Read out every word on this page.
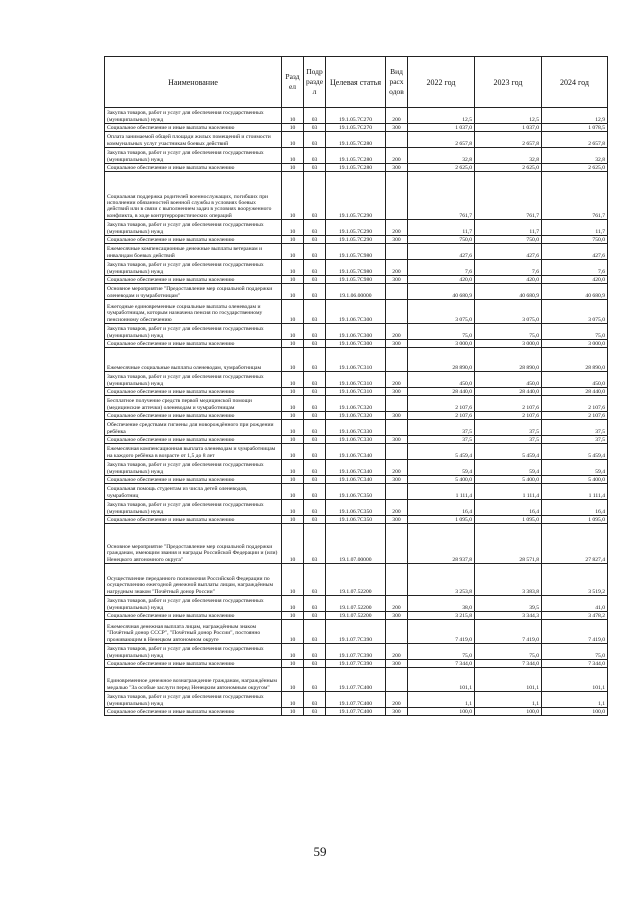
Наименование	Разд ел	Подр разде л	Целевая статья	Вид расх одов	2022 год	2023 год	2024 год
Закупка товаров, работ и услуг для обеспечения государственных (муниципальных) нужд	10	03	19.1.05.7С270	200	12,5	12,5	12,9
Социальное обеспечение и иные выплаты населению	10	03	19.1.05.7С270	300	1 037,0	1 037,0	1 078,5
Оплата занимаемой общей площади жилых помещений и стоимости коммунальных услуг участникам боевых действий	10	03	19.1.05.7С280		2 657,8	2 657,8	2 657,8
Закупка товаров, работ и услуг для обеспечения государственных (муниципальных) нужд	10	03	19.1.05.7С280	200	32,8	32,8	32,8
Социальное обеспечение и иные выплаты населению	10	03	19.1.05.7С280	300	2 625,0	2 625,0	2 625,0
Социальная поддержка родителей военнослужащих, погибших при исполнении обязанностей военной службы в условиях боевых действий или в связи с выполнением задач в условиях вооруженного конфликта, в ходе контртеррористических операций	10	03	19.1.05.7С290		761,7	761,7	761,7
Закупка товаров, работ и услуг для обеспечения государственных (муниципальных) нужд	10	03	19.1.05.7С290	200	11,7	11,7	11,7
Социальное обеспечение и иные выплаты населению	10	03	19.1.05.7С290	300	750,0	750,0	750,0
Ежемесячные компенсационные денежные выплаты ветеранам и инвалидам боевых действий	10	03	19.1.05.7С980		427,6	427,6	427,6
Закупка товаров, работ и услуг для обеспечения государственных (муниципальных) нужд	10	03	19.1.05.7С980	200	7,6	7,6	7,6
Социальное обеспечение и иные выплаты населению	10	03	19.1.05.7С980	300	420,0	420,0	420,0
Основное мероприятие "Предоставление мер социальной поддержки оленеводам и чумработницам"	10	03	19.1.06.00000		40 680,9	40 680,9	40 680,9
Ежегодные единовременные социальные выплаты оленеводам и чумработницам, которым назначена пенсия по государственному пенсионному обеспечению	10	03	19.1.06.7С300		3 075,0	3 075,0	3 075,0
Закупка товаров, работ и услуг для обеспечения государственных (муниципальных) нужд	10	03	19.1.06.7С300	200	75,0	75,0	75,0
Социальное обеспечение и иные выплаты населению	10	03	19.1.06.7С300	300	3 000,0	3 000,0	3 000,0
Ежемесячные социальные выплаты оленеводам, чумработницам	10	03	19.1.06.7С310		28 890,0	28 890,0	28 890,0
Закупка товаров, работ и услуг для обеспечения государственных (муниципальных) нужд	10	03	19.1.06.7С310	200	450,0	450,0	450,0
Социальное обеспечение и иные выплаты населению	10	03	19.1.06.7С310	300	28 440,0	28 440,0	28 440,0
Бесплатное получение средств первой медицинской помощи (медицинские аптечки) оленеводам и чумработницам	10	03	19.1.06.7С320		2 107,6	2 107,6	2 107,6
Социальное обеспечение и иные выплаты населению	10	03	19.1.06.7С320	300	2 107,6	2 107,6	2 107,6
Обеспечение средствами гигиены для новорождённого при рождении ребёнка	10	03	19.1.06.7С330		37,5	37,5	37,5
Социальное обеспечение и иные выплаты населению	10	03	19.1.06.7С330	300	37,5	37,5	37,5
Ежемесячная компенсационная выплата оленеводам и чумработницам на каждого ребёнка в возрасте от 1,5 до 8 лет	10	03	19.1.06.7С340		5 459,4	5 459,4	5 459,4
Закупка товаров, работ и услуг для обеспечения государственных (муниципальных) нужд	10	03	19.1.06.7С340	200	59,4	59,4	59,4
Социальное обеспечение и иные выплаты населению	10	03	19.1.06.7С340	300	5 400,0	5 400,0	5 400,0
Социальная помощь студентам из числа детей оленеводов, чумработниц	10	03	19.1.06.7С350		1 111,4	1 111,4	1 111,4
Закупка товаров, работ и услуг для обеспечения государственных (муниципальных) нужд	10	03	19.1.06.7С350	200	16,4	16,4	16,4
Социальное обеспечение и иные выплаты населению	10	03	19.1.06.7С350	300	1 095,0	1 095,0	1 095,0
Основное мероприятие "Предоставление мер социальной поддержки гражданам, имеющим звания и награды Российской Федерации и (или) Ненецкого автономного округа"	10	03	19.1.07.00000		28 937,8	28 571,8	27 827,4
Осуществление переданного полномочия Российской Федерации по осуществлению ежегодной денежной выплаты лицам, награждённым нагрудным знаком "Почётный донор России"	10	03	19.1.07.52200		3 253,8	3 383,8	3 519,2
Закупка товаров, работ и услуг для обеспечения государственных (муниципальных) нужд	10	03	19.1.07.52200	200	38,0	39,5	41,0
Социальное обеспечение и иные выплаты населению	10	03	19.1.07.52200	300	3 215,8	3 344,3	3 478,2
Ежемесячная денежная выплата лицам, награждённым знаком "Почётный донор СССР", "Почётный донор России", постоянно проживающим в Ненецком автономном округе	10	03	19.1.07.7С390		7 419,0	7 419,0	7 419,0
Закупка товаров, работ и услуг для обеспечения государственных (муниципальных) нужд	10	03	19.1.07.7С390	200	75,0	75,0	75,0
Социальное обеспечение и иные выплаты населению	10	03	19.1.07.7С390	300	7 344,0	7 344,0	7 344,0
Единовременное денежное вознаграждение гражданам, награждённым медалью "За особые заслуги перед Ненецким автономным округом"	10	03	19.1.07.7С400		101,1	101,1	101,1
Закупка товаров, работ и услуг для обеспечения государственных (муниципальных) нужд	10	03	19.1.07.7С400	200	1,1	1,1	1,1
Социальное обеспечение и иные выплаты населению	10	03	19.1.07.7С400	300	100,0	100,0	100,0
59
